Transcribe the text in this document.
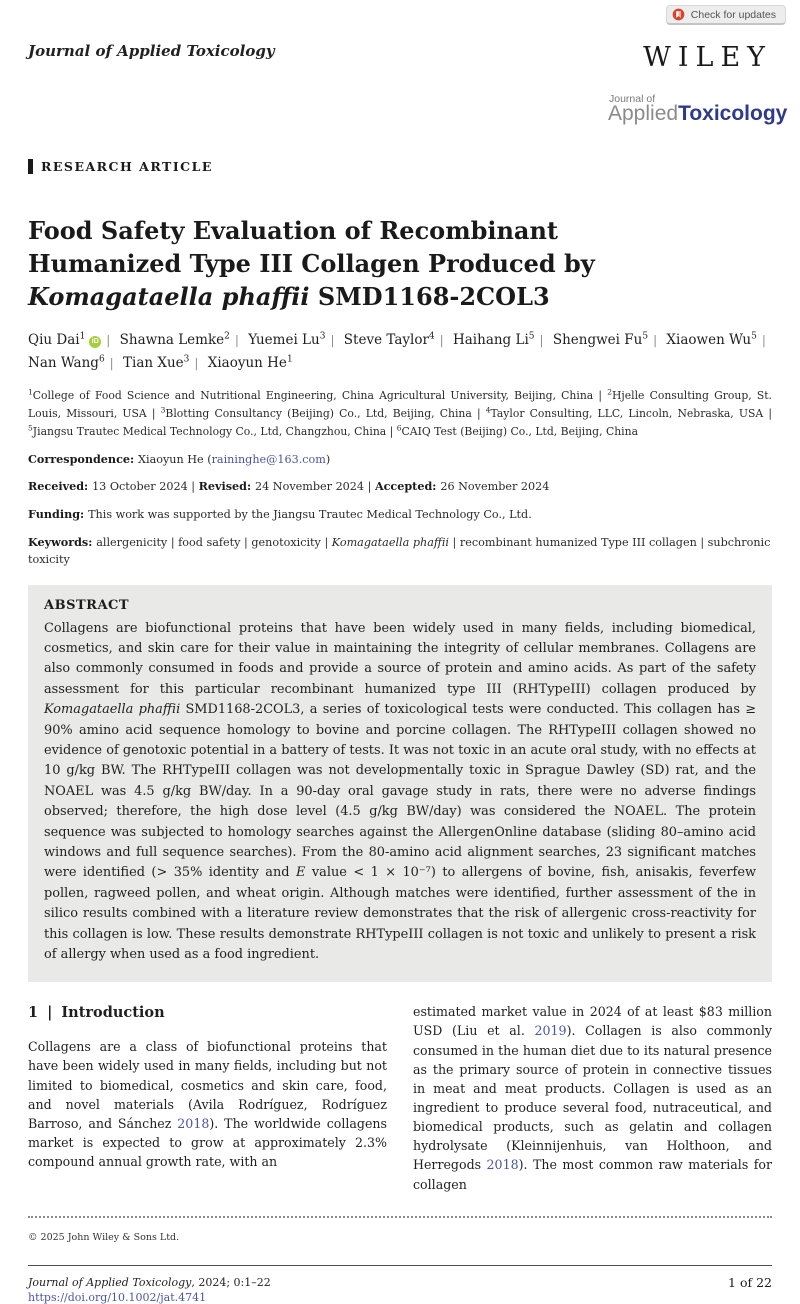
Check for updates
Journal of Applied Toxicology	WILEY
Journal of
AppliedToxicology
RESEARCH ARTICLE
Food Safety Evaluation of Recombinant Humanized Type III Collagen Produced by Komagataella phaffii SMD1168-2COL3
Qiu Dai$^1$ iD | Shawna Lemke$^2$ | Yuemei Lu$^3$ | Steve Taylor$^4$ | Haihang Li$^5$ | Shengwei Fu$^5$ | Xiaowen Wu$^5$ | Nan Wang$^6$ | Tian Xue$^3$ | Xiaoyun He$^1$
$^1$College of Food Science and Nutritional Engineering, China Agricultural University, Beijing, China | $^2$Hjelle Consulting Group, St. Louis, Missouri, USA | $^3$Blotting Consultancy (Beijing) Co., Ltd, Beijing, China | $^4$Taylor Consulting, LLC, Lincoln, Nebraska, USA | $^5$Jiangsu Trautec Medical Technology Co., Ltd, Changzhou, China | $^6$CAIQ Test (Beijing) Co., Ltd, Beijing, China
Correspondence: Xiaoyun He (raininghe@163.com)
Received: 13 October 2024 | Revised: 24 November 2024 | Accepted: 26 November 2024
Funding: This work was supported by the Jiangsu Trautec Medical Technology Co., Ltd.
Keywords: allergenicity | food safety | genotoxicity | Komagataella phaffii | recombinant humanized Type III collagen | subchronic toxicity
ABSTRACT
Collagens are biofunctional proteins that have been widely used in many fields, including biomedical, cosmetics, and skin care for their value in maintaining the integrity of cellular membranes. Collagens are also commonly consumed in foods and provide a source of protein and amino acids. As part of the safety assessment for this particular recombinant humanized type III (RHTypeIII) collagen produced by Komagataella phaffii SMD1168-2COL3, a series of toxicological tests were conducted. This collagen has ≥ 90% amino acid sequence homology to bovine and porcine collagen. The RHTypeIII collagen showed no evidence of genotoxic potential in a battery of tests. It was not toxic in an acute oral study, with no effects at 10 g/kg BW. The RHTypeIII collagen was not developmentally toxic in Sprague Dawley (SD) rat, and the NOAEL was 4.5 g/kg BW/day. In a 90-day oral gavage study in rats, there were no adverse findings observed; therefore, the high dose level (4.5 g/kg BW/day) was considered the NOAEL. The protein sequence was subjected to homology searches against the AllergenOnline database (sliding 80–amino acid windows and full sequence searches). From the 80-amino acid alignment searches, 23 significant matches were identified (> 35% identity and E value < 1 × 10⁻⁷) to allergens of bovine, fish, anisakis, feverfew pollen, ragweed pollen, and wheat origin. Although matches were identified, further assessment of the in silico results combined with a literature review demonstrates that the risk of allergenic cross-reactivity for this collagen is low. These results demonstrate RHTypeIII collagen is not toxic and unlikely to present a risk of allergy when used as a food ingredient.
1 | Introduction
Collagens are a class of biofunctional proteins that have been widely used in many fields, including but not limited to biomedical, cosmetics and skin care, food, and novel materials (Avila Rodríguez, Rodríguez Barroso, and Sánchez 2018). The worldwide collagens market is expected to grow at approximately 2.3% compound annual growth rate, with an
estimated market value in 2024 of at least $83 million USD (Liu et al. 2019). Collagen is also commonly consumed in the human diet due to its natural presence as the primary source of protein in connective tissues in meat and meat products. Collagen is used as an ingredient to produce several food, nutraceutical, and biomedical products, such as gelatin and collagen hydrolysate (Kleinnijenhuis, van Holthoon, and Herregods 2018). The most common raw materials for collagen
© 2025 John Wiley & Sons Ltd.
Journal of Applied Toxicology, 2024; 0:1–22
https://doi.org/10.1002/jat.4741
1 of 22
